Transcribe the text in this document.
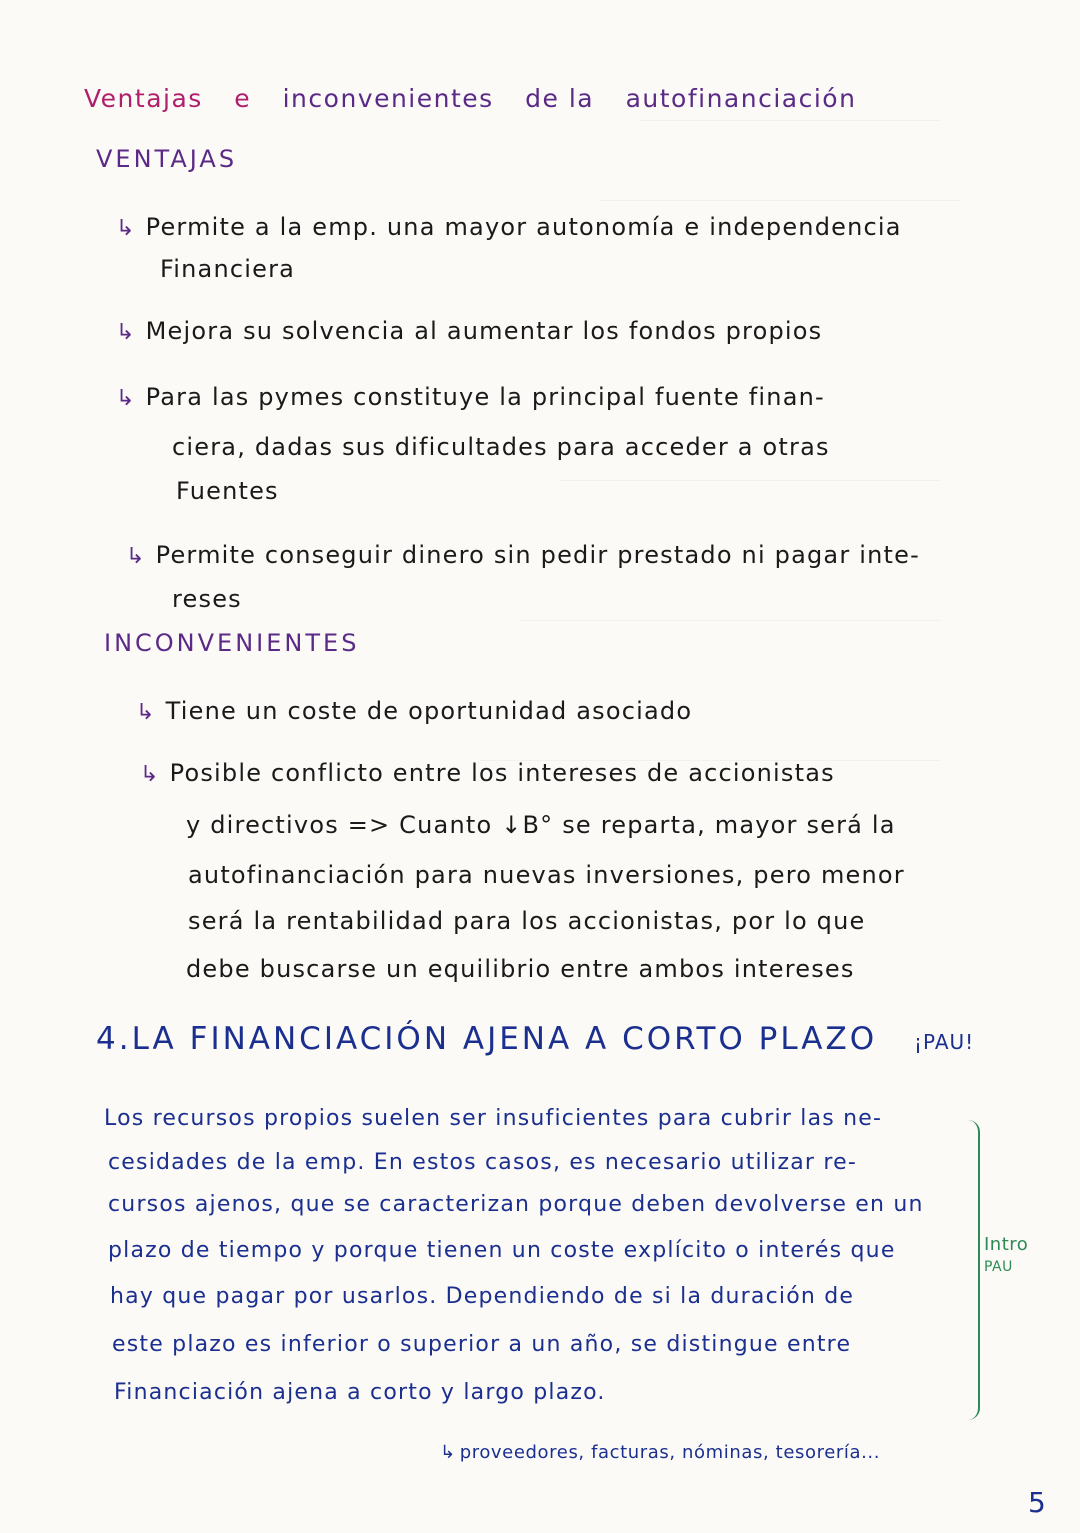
Ventajas e inconvenientes de la autofinanciación
VENTAJAS
↳ Permite a la emp. una mayor autonomía e independencia
Financiera
↳ Mejora su solvencia al aumentar los fondos propios
↳ Para las pymes constituye la principal fuente finan-
ciera, dadas sus dificultades para acceder a otras
Fuentes
↳ Permite conseguir dinero sin pedir prestado ni pagar inte-
reses
INCONVENIENTES
↳ Tiene un coste de oportunidad asociado
↳ Posible conflicto entre los intereses de accionistas
y directivos => Cuanto ↓B° se reparta, mayor será la
autofinanciación para nuevas inversiones, pero menor
será la rentabilidad para los accionistas, por lo que
debe buscarse un equilibrio entre ambos intereses
4.LA FINANCIACIÓN AJENA A CORTO PLAZO ¡PAU!
Los recursos propios suelen ser insuficientes para cubrir las ne-
cesidades de la emp. En estos casos, es necesario utilizar re-
cursos ajenos, que se caracterizan porque deben devolverse en un
plazo de tiempo y porque tienen un coste explícito o interés que
hay que pagar por usarlos. Dependiendo de si la duración de
este plazo es inferior o superior a un año, se distingue entre
Financiación ajena a corto y largo plazo.
↳ proveedores, facturas, nóminas, tesorería...
Intro
PAU
5
